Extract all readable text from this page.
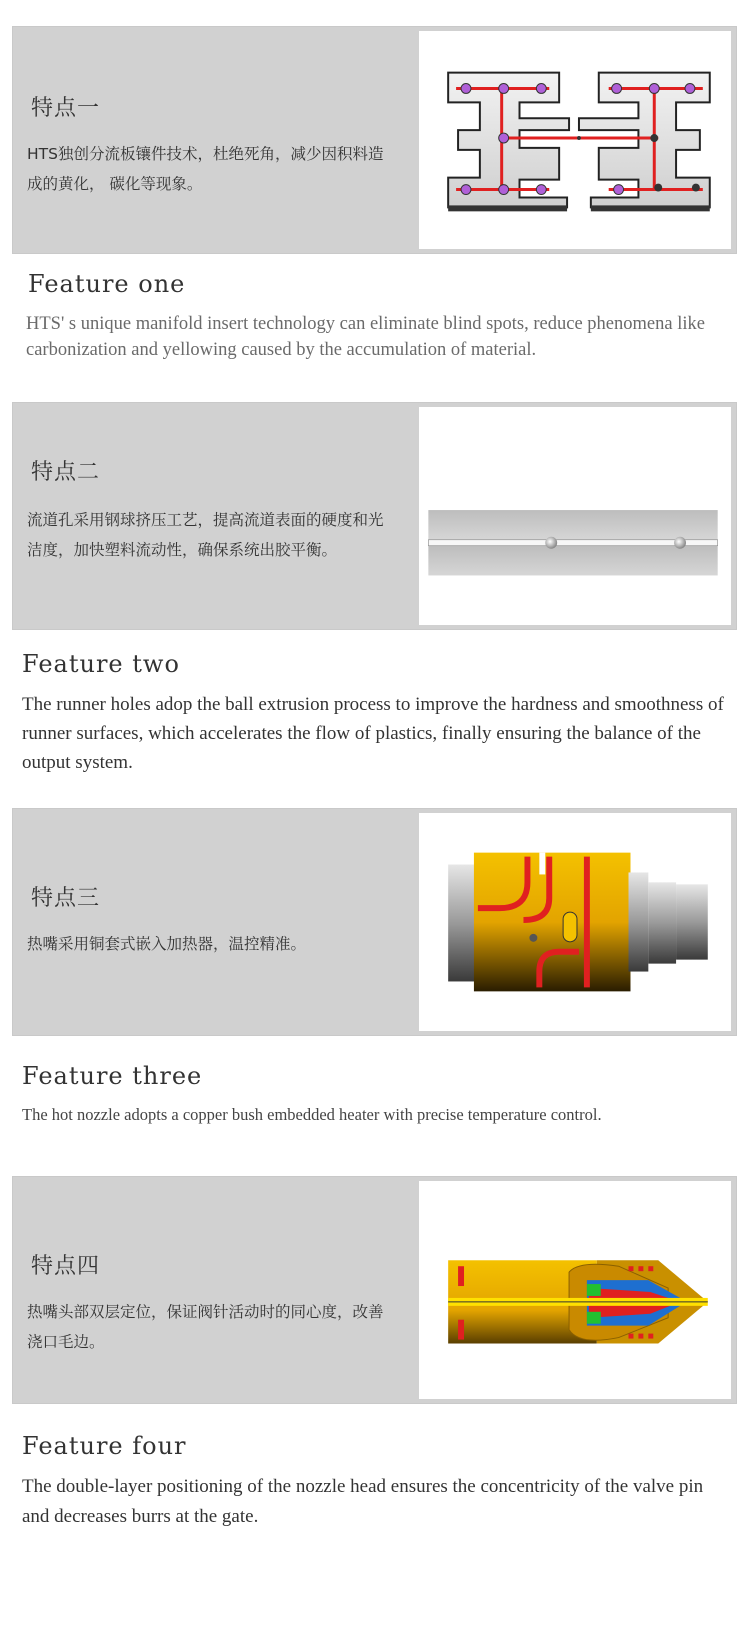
特点一
HTS独创分流板镶件技术，杜绝死角，减少因积料造成的黄化， 碳化等现象。
Feature one

HTS' s unique manifold insert technology can eliminate blind spots, reduce phenomena like carbonization and yellowing caused by the accumulation of material.

特点二
流道孔采用钢球挤压工艺，提高流道表面的硬度和光洁度，加快塑料流动性，确保系统出胶平衡。
Feature two

The runner holes adop the ball extrusion process to improve the hardness and smoothness of runner surfaces, which accelerates the flow of plastics, finally ensuring the balance of the output system.

特点三
热嘴采用铜套式嵌入加热器，温控精准。
Feature three

The hot nozzle adopts a copper bush embedded heater with precise temperature control.

特点四
热嘴头部双层定位，保证阀针活动时的同心度，改善浇口毛边。
Feature four

The double-layer positioning of the nozzle head ensures the concentricity of the valve pin and decreases burrs at the gate.
